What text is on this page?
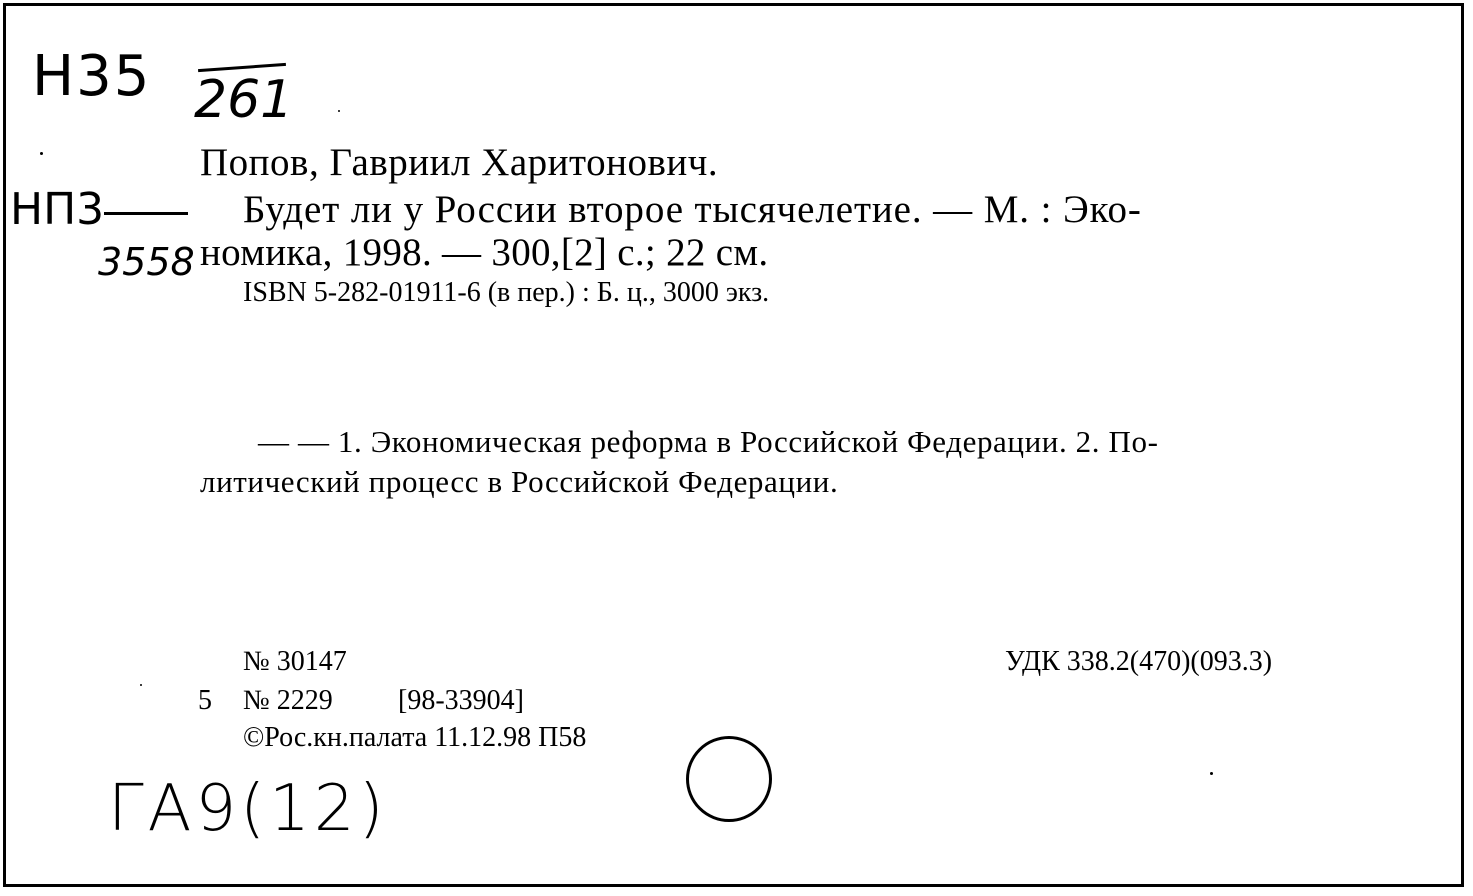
Н35 261
НП3
3558
Попов, Гавриил Харитонович.
Будет ли у России второе тысячелетие. — М. : Эко-
номика, 1998. — 300,[2] с.; 22 см.
ISBN 5-282-01911-6 (в пер.) : Б. ц., 3000 экз.
— — 1. Экономическая реформа в Российской Федерации. 2. По-
литический процесс в Российской Федерации.
№ 30147	УДК 338.2(470)(093.3)
5 № 2229 [98-33904]
©Рос.кн.палата 11.12.98 П58
ГА9(12)
